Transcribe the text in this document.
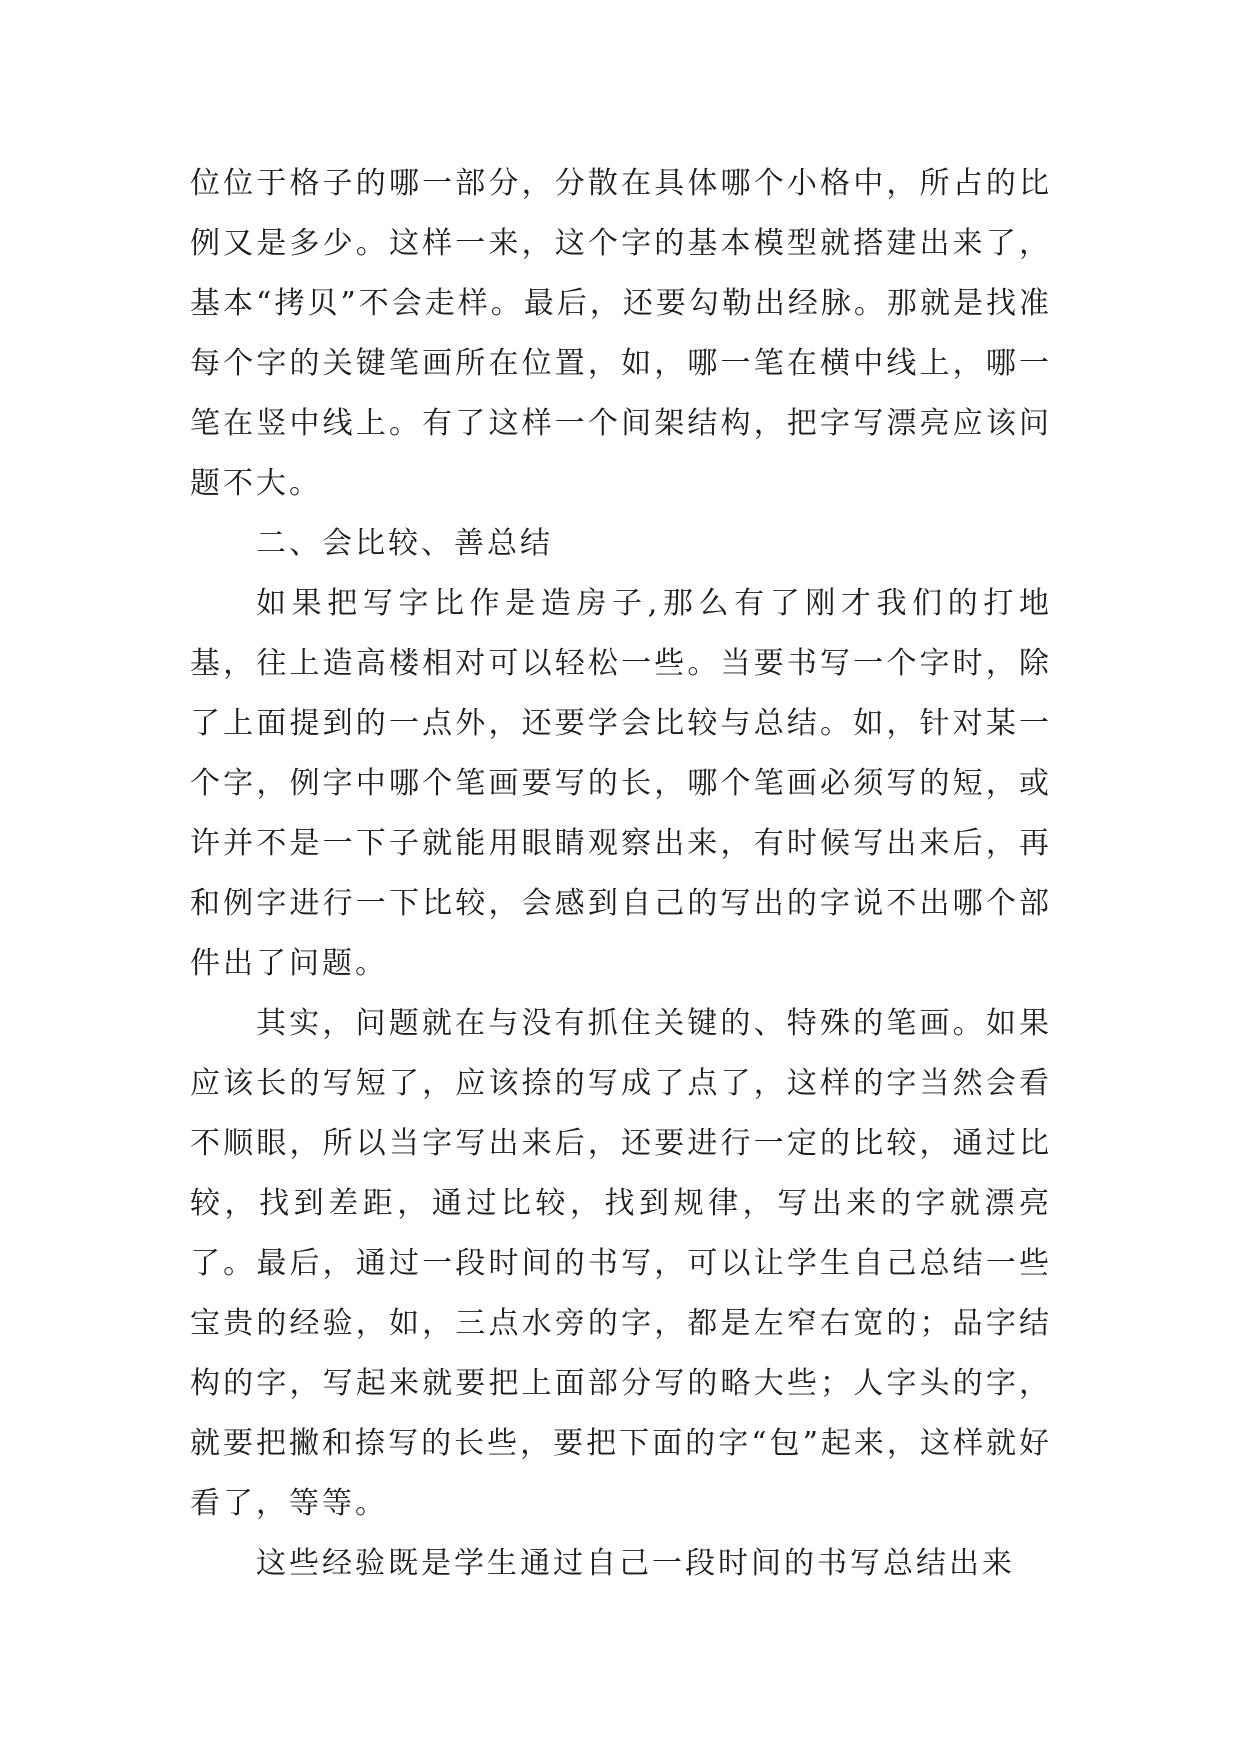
位位于格子的哪一部分，分散在具体哪个小格中，所占的比例又是多少。这样一来，这个字的基本模型就搭建出来了，基本“拷贝”不会走样。最后，还要勾勒出经脉。那就是找准每个字的关键笔画所在位置，如，哪一笔在横中线上，哪一笔在竖中线上。有了这样一个间架结构，把字写漂亮应该问题不大。

二、会比较、善总结

如果把写字比作是造房子,那么有了刚才我们的打地基，往上造高楼相对可以轻松一些。当要书写一个字时，除了上面提到的一点外，还要学会比较与总结。如，针对某一个字，例字中哪个笔画要写的长，哪个笔画必须写的短，或许并不是一下子就能用眼睛观察出来，有时候写出来后，再和例字进行一下比较，会感到自己的写出的字说不出哪个部件出了问题。

其实，问题就在与没有抓住关键的、特殊的笔画。如果应该长的写短了，应该捺的写成了点了，这样的字当然会看不顺眼，所以当字写出来后，还要进行一定的比较，通过比较，找到差距，通过比较，找到规律，写出来的字就漂亮了。最后，通过一段时间的书写，可以让学生自己总结一些宝贵的经验，如，三点水旁的字，都是左窄右宽的；品字结构的字，写起来就要把上面部分写的略大些；人字头的字，就要把撇和捺写的长些，要把下面的字“包”起来，这样就好看了，等等。

这些经验既是学生通过自己一段时间的书写总结出来
